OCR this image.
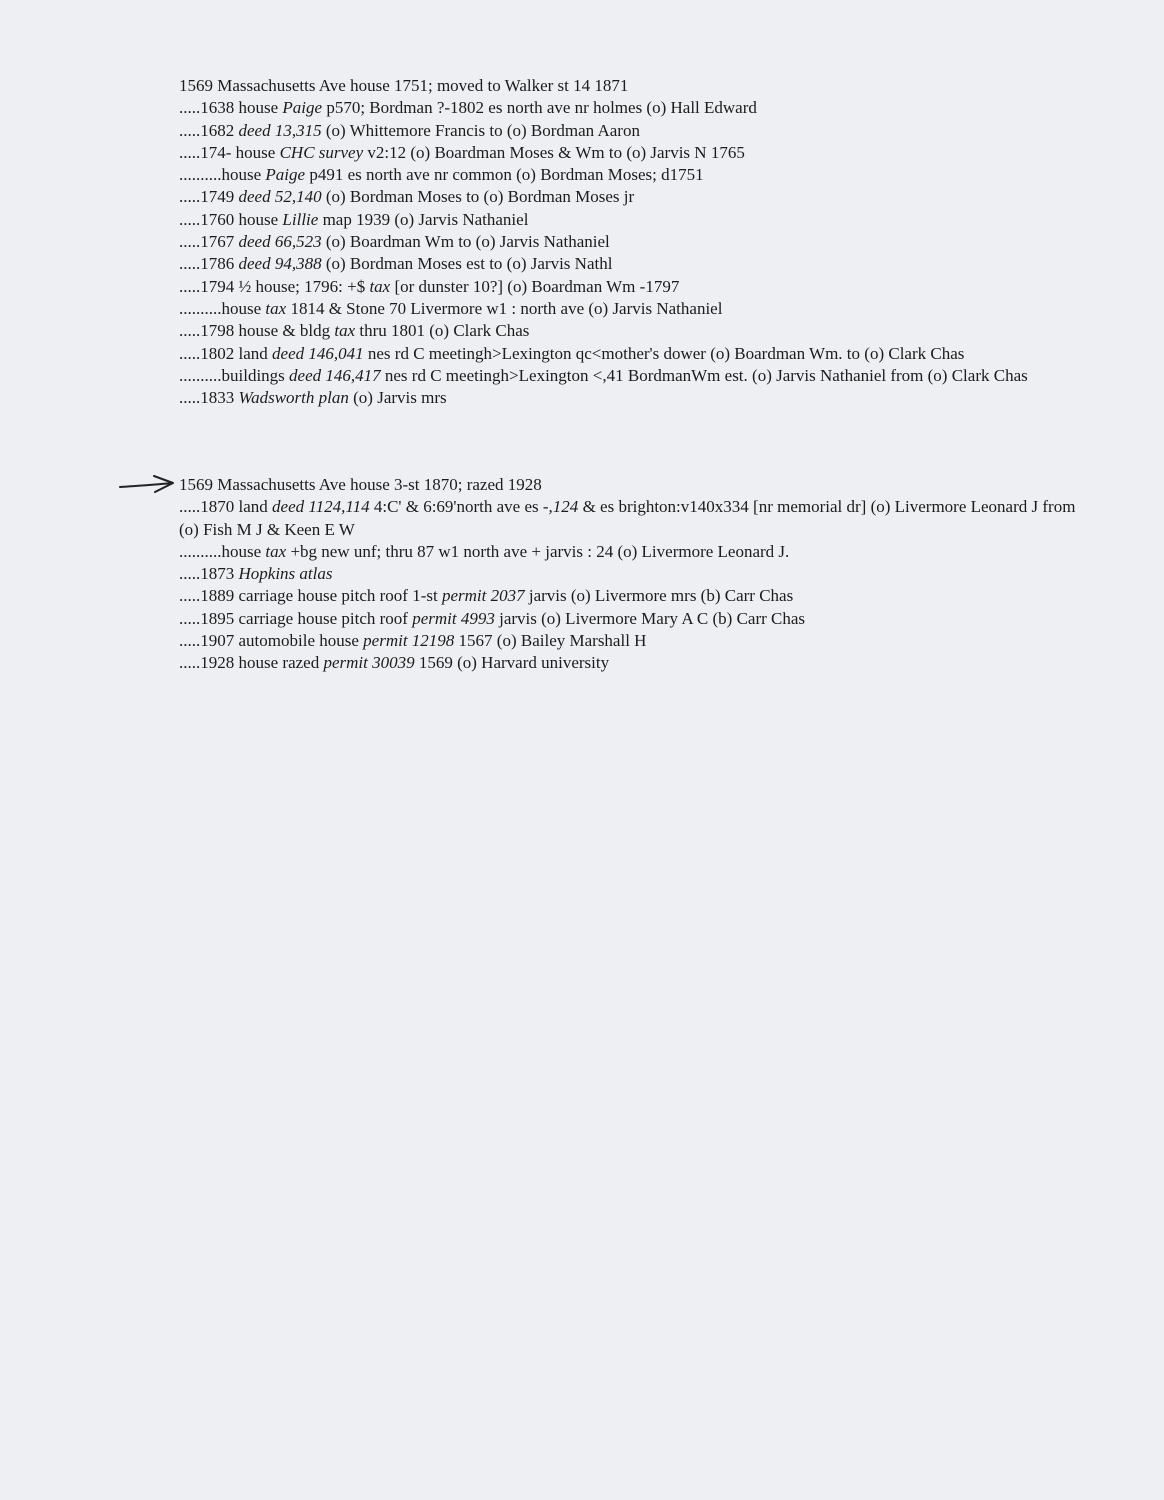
1569 Massachusetts Ave house 1751; moved to Walker st 14 1871
.....1638 house Paige p570; Bordman ?-1802 es north ave nr holmes (o) Hall Edward
.....1682 deed 13,315 (o) Whittemore Francis to (o) Bordman Aaron
.....174- house CHC survey v2:12 (o) Boardman Moses & Wm to (o) Jarvis N 1765
..........house Paige p491 es north ave nr common (o) Bordman Moses; d1751
.....1749 deed 52,140 (o) Bordman Moses to (o) Bordman Moses jr
.....1760 house Lillie map 1939 (o) Jarvis Nathaniel
.....1767 deed 66,523 (o) Boardman Wm to (o) Jarvis Nathaniel
.....1786 deed 94,388 (o) Bordman Moses est to (o) Jarvis Nathl
.....1794 ½ house; 1796: +$ tax [or dunster 10?] (o) Boardman Wm -1797
..........house tax 1814 & Stone 70 Livermore w1 : north ave (o) Jarvis Nathaniel
.....1798 house & bldg tax thru 1801 (o) Clark Chas
.....1802 land deed 146,041 nes rd C meetingh>Lexington qc<mother's dower (o) Boardman Wm. to (o) Clark Chas
..........buildings deed 146,417 nes rd C meetingh>Lexington <,41 BordmanWm est. (o) Jarvis Nathaniel from (o) Clark Chas
.....1833 Wadsworth plan (o) Jarvis mrs
1569 Massachusetts Ave house 3-st 1870; razed 1928
.....1870 land deed 1124,114 4:C' & 6:69'north ave es -,124 & es brighton:v140x334 [nr memorial dr] (o) Livermore Leonard J from (o) Fish M J & Keen E W
..........house tax +bg new unf; thru 87 w1 north ave + jarvis : 24 (o) Livermore Leonard J.
.....1873 Hopkins atlas
.....1889 carriage house pitch roof 1-st permit 2037 jarvis (o) Livermore mrs (b) Carr Chas
.....1895 carriage house pitch roof permit 4993 jarvis (o) Livermore Mary A C (b) Carr Chas
.....1907 automobile house permit 12198 1567 (o) Bailey Marshall H
.....1928 house razed permit 30039 1569 (o) Harvard university
